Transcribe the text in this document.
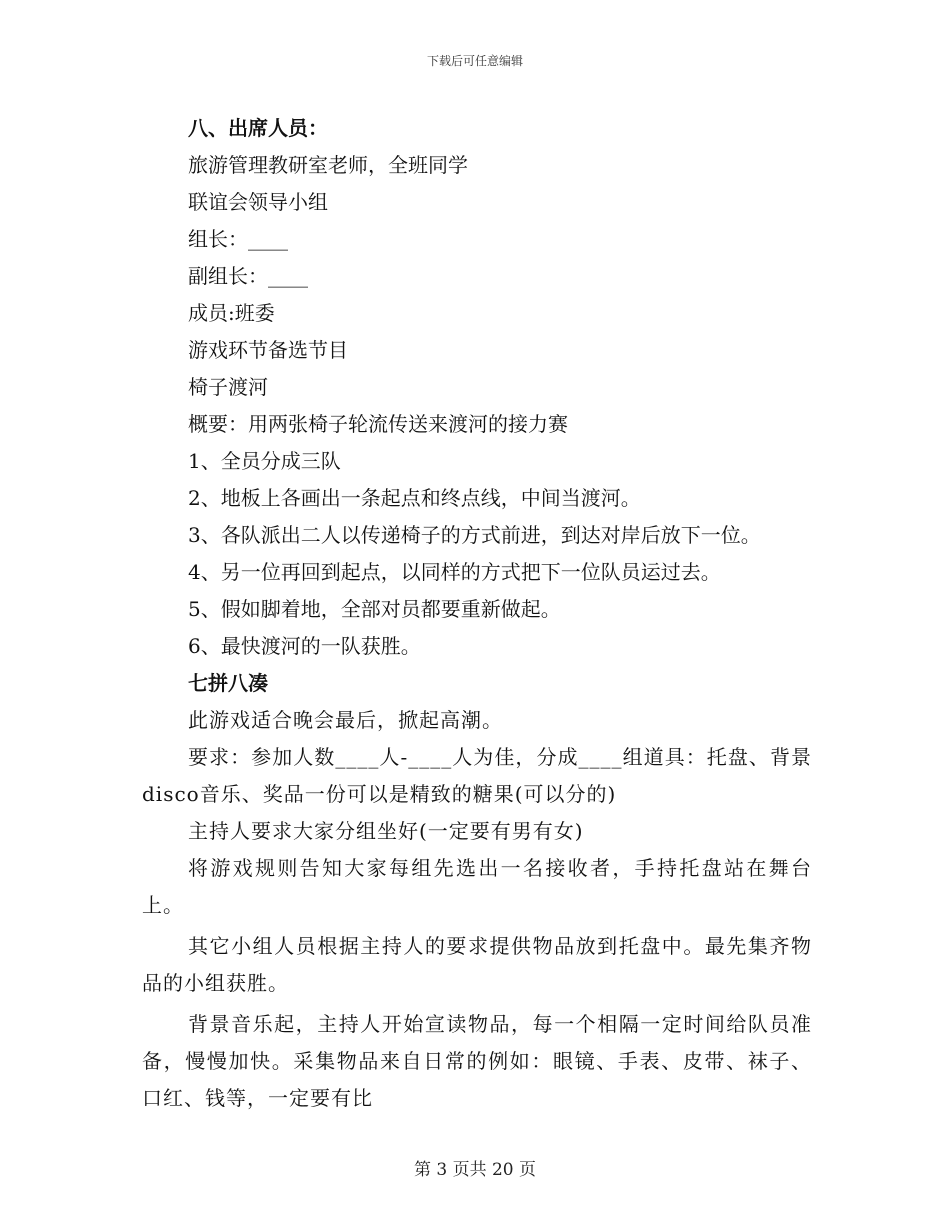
下载后可任意编辑

八、出席人员：

旅游管理教研室老师，全班同学

联谊会领导小组

组长：____

副组长：____

成员:班委

游戏环节备选节目

椅子渡河

概要：用两张椅子轮流传送来渡河的接力赛

1、全员分成三队

2、地板上各画出一条起点和终点线，中间当渡河。

3、各队派出二人以传递椅子的方式前进，到达对岸后放下一位。

4、另一位再回到起点，以同样的方式把下一位队员运过去。

5、假如脚着地，全部对员都要重新做起。

6、最快渡河的一队获胜。

七拼八凑

此游戏适合晚会最后，掀起高潮。

要求：参加人数____人-____人为佳，分成____组道具：托盘、背景disco音乐、奖品一份可以是精致的糖果(可以分的)

主持人要求大家分组坐好(一定要有男有女)

将游戏规则告知大家每组先选出一名接收者，手持托盘站在舞台上。

其它小组人员根据主持人的要求提供物品放到托盘中。最先集齐物品的小组获胜。

背景音乐起，主持人开始宣读物品，每一个相隔一定时间给队员准备，慢慢加快。采集物品来自日常的例如：眼镜、手表、皮带、袜子、口红、钱等，一定要有比

第 3 页共 20 页
